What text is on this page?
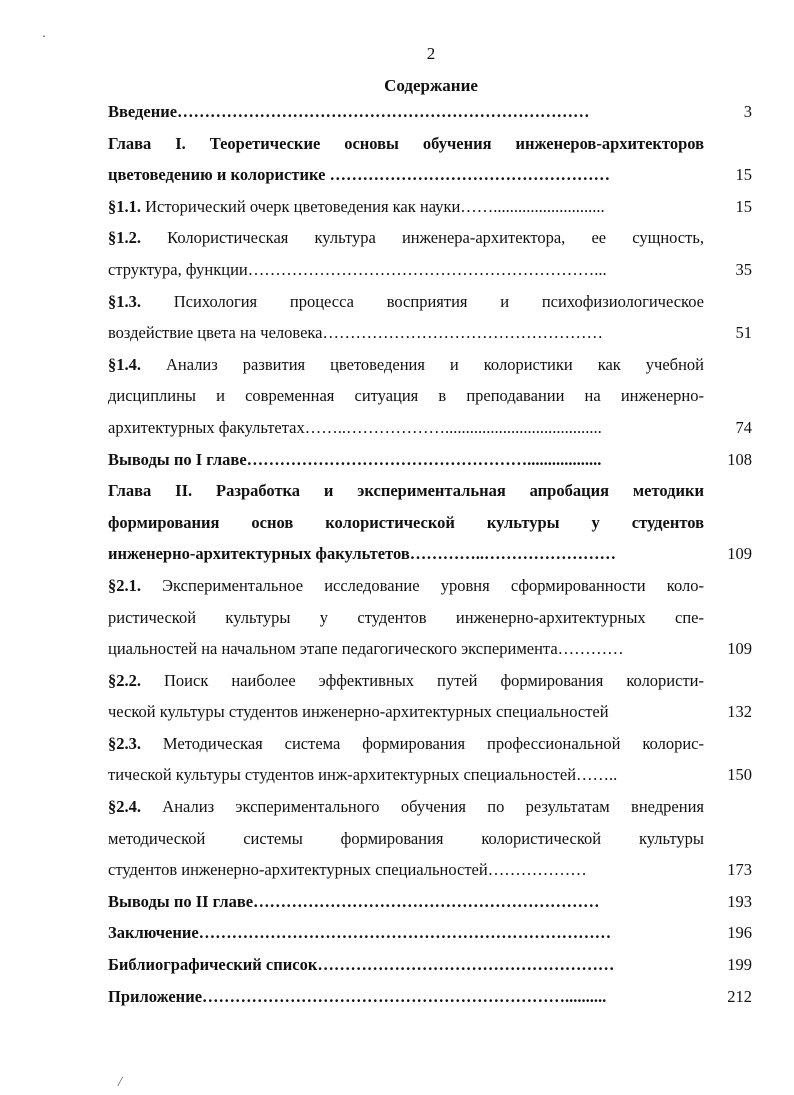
2
Содержание
Введение…………………………………………………………………	3
Глава I. Теоретические основы обучения инженеров-архитекторов
цветоведению и колористике ……………………………………………	15
§1.1. Исторический очерк цветоведения как науки……...........................	15
§1.2. Колористическая культура инженера-архитектора, ее сущность,
структура, функции………………………………………………………...	35
§1.3. Психология процесса восприятия и психофизиологическое
воздействие цвета на человека……………………………………………	51
§1.4. Анализ развития цветоведения и колористики как учебной
дисциплины и современная ситуация в преподавании на инженерно-
архитектурных факультетах……..………………......................................	74
Выводы по I главе……………………………………………..................	108
Глава II. Разработка и экспериментальная апробация методики
формирования основ колористической культуры у студентов
инженерно-архитектурных факультетов…………..……………………	109
§2.1. Экспериментальное исследование уровня сформированности коло-
ристической культуры у студентов инженерно-архитектурных спе-
циальностей на начальном этапе педагогического эксперимента…………	109
§2.2. Поиск наиболее эффективных путей формирования колористи-
ческой культуры студентов инженерно-архитектурных специальностей	132
§2.3. Методическая система формирования профессиональной колорис-
тической культуры студентов инж-архитектурных специальностей……..	150
§2.4. Анализ экспериментального обучения по результатам внедрения
методической системы формирования колористической культуры
студентов инженерно-архитектурных специальностей………………	173
Выводы по II главе………………………………………………………	193
Заключение…………………………………………………………………	196
Библиографический список………………………………………………	199
Приложение…………………………………………………………..........	212
·
/
